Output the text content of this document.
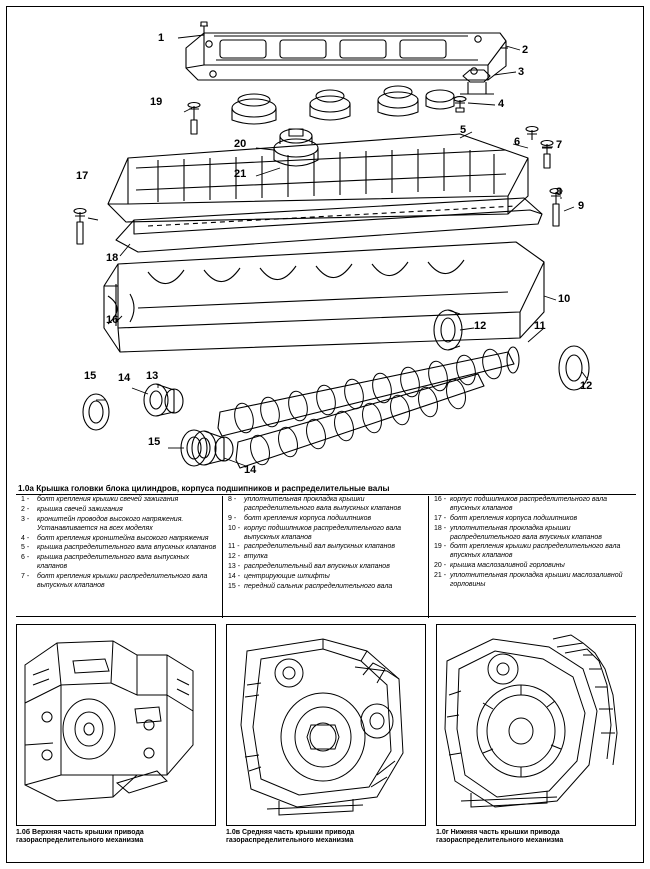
1
2
3
4
5
6	7
8
9
10
11
12
12
13
14
14
15
15
16
17
18
19
20
21
1.0а Крышка головки блока цилиндров, корпуса подшипников и распределительные валы
1 -	болт крепления крышки свечей зажигания
2 -	крышка свечей зажигания
3 -	кронштейн проводов высокого напряжения. Устанавливается на всех моделях
4 -	болт крепления кронштейна высокого напряжения
5 -	крышка распределительного вала впускных клапанов
6 -	крышка распределительного вала выпускных клапанов
7 -	болт крепления крышки распределительного вала выпускных клапанов
8 -	уплотнительная прокладка крышки распределительного вала выпускных клапанов
9 -	болт крепления корпуса подшипников
10 - корпус подшипников распределительного вала выпускных клапанов
11 - распределительный вал выпускных клапанов
12 - втулка
13 - распределительный вал впускных клапанов
14 - центрирующие штифты
15 - передний сальник распределительного вала
16 - корпус подшипников распределительного вала впускных клапанов
17 - болт крепления корпуса подшипников
18 - уплотнительная прокладка крышки распределительного вала впускных клапанов
19 - болт крепления крышки распределительного вала впускных клапанов
20 - крышка маслозаливной горловины
21 - уплотнительная прокладка крышки маслозаливной горловины
1.0б Верхняя часть крышки привода газораспределительного механизма
1.0в Средняя часть крышки привода газораспределительного механизма
1.0г Нижняя часть крышки привода газораспределительного механизма
